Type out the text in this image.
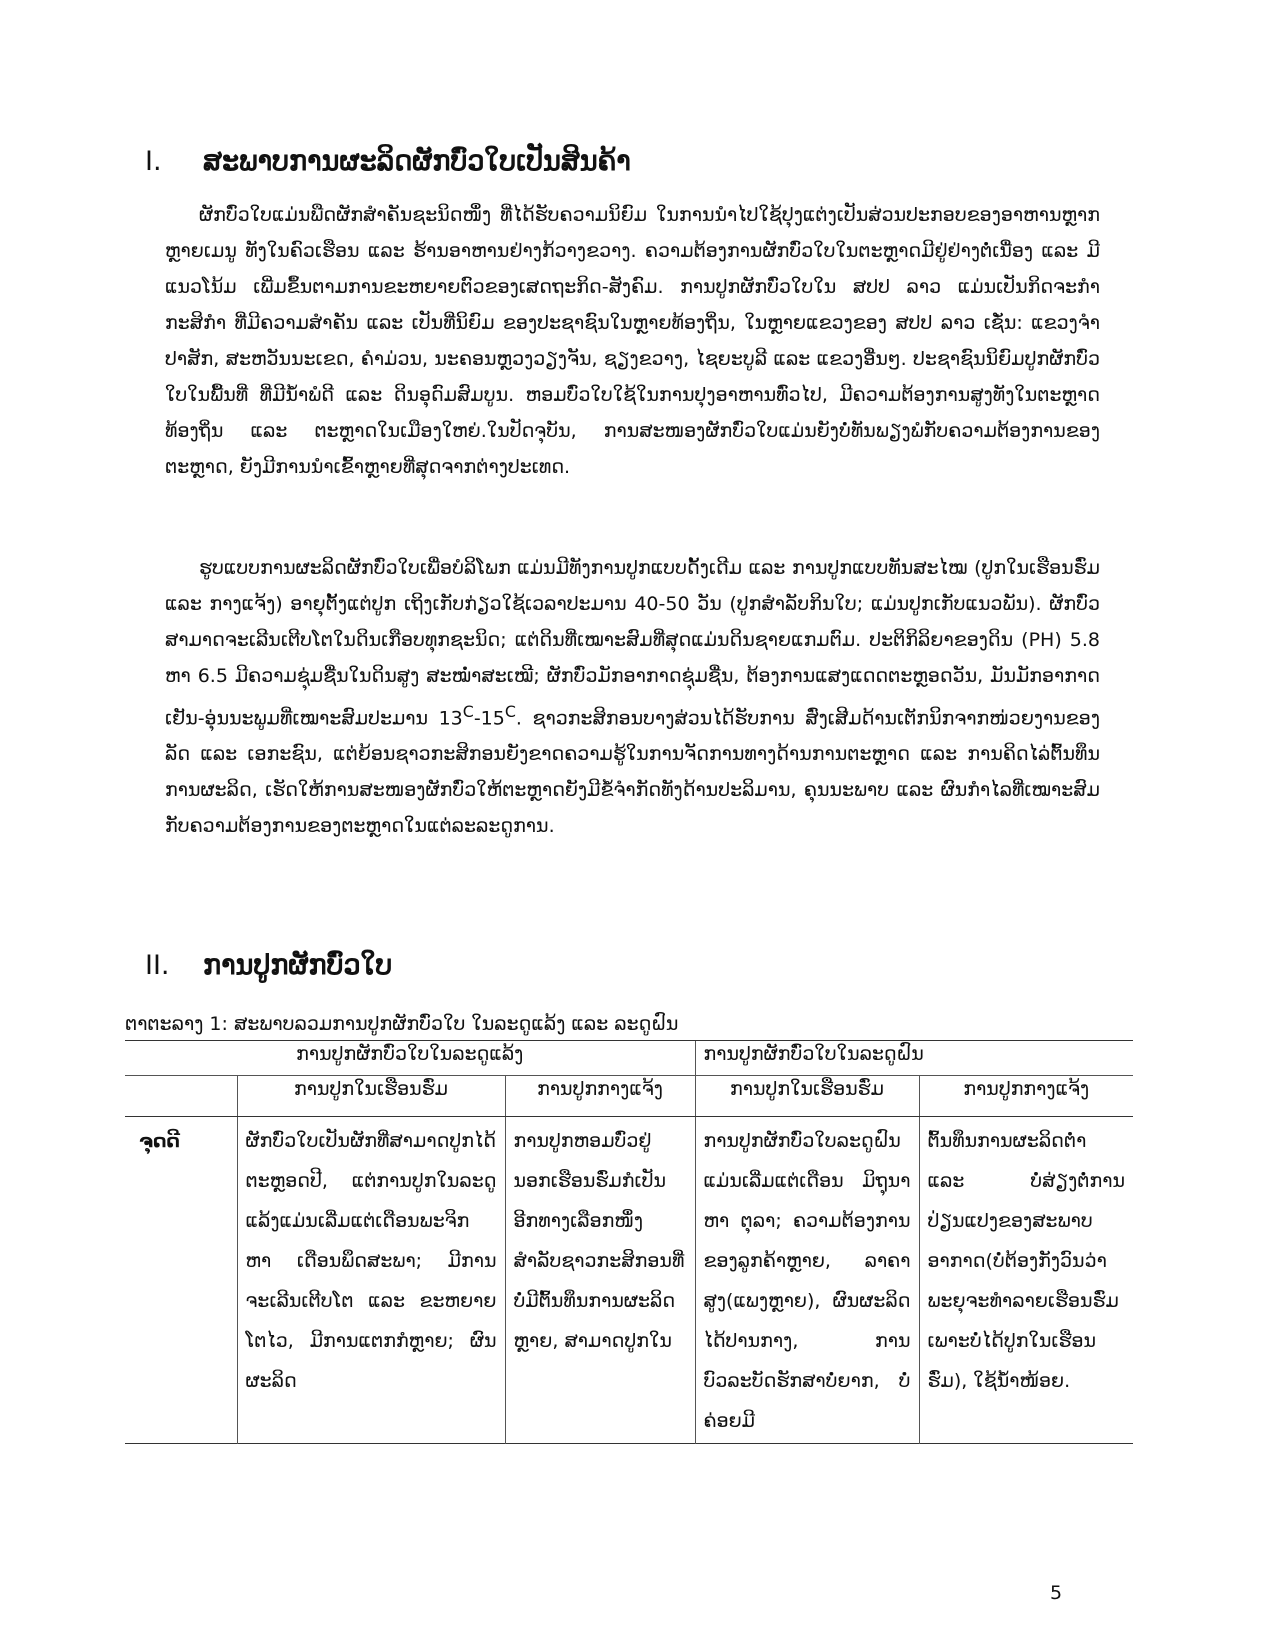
I. ສະພາບການຜະລິດຜັກບົ່ວໃບເປັນສິນຄ້າ

ຜັກບົ່ວໃບແມ່ນພືດຜັກສຳຄັນຊະນິດໜຶ່ງ ທີ່ໄດ້ຮັບຄວາມນິຍົມ ໃນການນຳໄປໃຊ້ປຸງແຕ່ງເປັນສ່ວນປະກອບຂອງອາຫານຫຼາກຫຼາຍເມນູ ທັງໃນຄົວເຮືອນ ແລະ ຮ້ານອາຫານຢ່າງກ້ວາງຂວາງ. ຄວາມຕ້ອງການຜັກບົ່ວໃບໃນຕະຫຼາດມີຢູ່ຢ່າງຕໍ່ເນື່ອງ ແລະ ມີແນວໂນ້ມ ເພີ່ມຂຶ້ນຕາມການຂະຫຍາຍຕົວຂອງເສດຖະກິດ-ສັງຄົມ. ການປູກຜັກບົ່ວໃບໃນ ສປປ ລາວ ແມ່ນເປັນກິດຈະກຳກະສິກຳ ທີ່ມີຄວາມສຳຄັນ ແລະ ເປັນທີ່ນິຍົມ ຂອງປະຊາຊົນໃນຫຼາຍທ້ອງຖິ່ນ, ໃນຫຼາຍແຂວງຂອງ ສປປ ລາວ ເຊັ່ນ: ແຂວງຈຳປາສັກ, ສະຫວັນນະເຂດ, ຄຳມ່ວນ, ນະຄອນຫຼວງວຽງຈັນ, ຊຽງຂວາງ, ໄຊຍະບູລີ ແລະ ແຂວງອື່ນໆ. ປະຊາຊົນນິຍົມປູກຜັກບົ່ວໃບໃນພື້ນທີ່ ທີ່ມີນ້ຳພໍດີ ແລະ ດິນອຸດົມສົມບູນ. ຫອມບົ່ວໃບໃຊ້ໃນການປຸງອາຫານທົ່ວໄປ, ມີຄວາມຕ້ອງການສູງທັງໃນຕະຫຼາດທ້ອງຖິ່ນ ແລະ ຕະຫຼາດໃນເມືອງໃຫຍ່.ໃນປັດຈຸບັນ, ການສະໜອງຜັກບົ່ວໃບແມ່ນຍັງບໍ່ທັນພຽງພໍກັບຄວາມຕ້ອງການຂອງຕະຫຼາດ, ຍັງມີການນຳເຂົ້າຫຼາຍທີ່ສຸດຈາກຕ່າງປະເທດ.

ຮູບແບບການຜະລິດຜັກບົ່ວໃບເພື່ອບໍລິໂພກ ແມ່ນມີທັງການປູກແບບດັ້ງເດີມ ແລະ ການປູກແບບທັນສະໄໝ (ປູກໃນເຮືອນຮົ່ມ ແລະ ກາງແຈ້ງ) ອາຍຸຕັ້ງແຕ່ປູກ ເຖິງເກັບກ່ຽວໃຊ້ເວລາປະມານ 40-50 ວັນ (ປູກສຳລັບກິນໃບ; ແມ່ນປູກເກັບແນວພັນ). ຜັກບົ່ວສາມາດຈະເລີນເຕີບໂຕໃນດິນເກືອບທຸກຊະນິດ; ແຕ່ດິນທີ່ເໝາະສົມທີ່ສຸດແມ່ນດິນຊາຍແກມຕົມ. ປະຕິກິລິຍາຂອງດິນ (PH) 5.8 ຫາ 6.5 ມີຄວາມຊຸ່ມຊື່ນໃນດິນສູງ ສະໝໍ່າສະເໝີ; ຜັກບົ່ວມັກອາກາດຊຸ່ມຊື່ນ, ຕ້ອງການແສງແດດຕະຫຼອດວັນ, ມັນມັກອາກາດເຢັນ-ອຸ່ນນະພູມທີ່ເໝາະສົມປະມານ $13^C-15^C$. ຊາວກະສິກອນບາງສ່ວນໄດ້ຮັບການ ສົ່ງເສີມດ້ານເຕັກນິກຈາກໜ່ວຍງານຂອງລັດ ແລະ ເອກະຊົນ, ແຕ່ຍ້ອນຊາວກະສິກອນຍັງຂາດຄວາມຮູ້ໃນການຈັດການທາງດ້ານການຕະຫຼາດ ແລະ ການຄິດໄລ່ຕົ້ນທຶນການຜະລິດ, ເຮັດໃຫ້ການສະໜອງຜັກບົ່ວໃຫ້ຕະຫຼາດຍັງມີຂໍ້ຈຳກັດທັງດ້ານປະລິມານ, ຄຸນນະພາບ ແລະ ຜົນກຳໄລທີ່ເໝາະສົມກັບຄວາມຕ້ອງການຂອງຕະຫຼາດໃນແຕ່ລະລະດູການ.

II. ການປູກຜັກບົ່ວໃບ
ຕາຕະລາງ 1: ສະພາບລວມການປູກຜັກບົ່ວໃບ ໃນລະດູແລ້ງ ແລະ ລະດູຝົນ
ການປູກຜັກບົ່ວໃບໃນລະດູແລ້ງ			ການປູກຜັກບົ່ວໃບໃນລະດູຝົນ	
	ການປູກໃນເຮືອນຮົ່ມ	ການປູກກາງແຈ້ງ	ການປູກໃນເຮືອນຮົ່ມ	ການປູກກາງແຈ້ງ
ຈຸດດີ	ຜັກບົ່ວໃບເປັນຜັກທີ່ສາມາດປູກໄດ້ຕະຫຼອດປີ, ແຕ່ການປູກໃນລະດູແລ້ງແມ່ນເລີ່ມແຕ່ເດືອນພະຈິກ ຫາ ເດືອນພຶດສະພາ; ມີການຈະເລີນເຕີບໂຕ ແລະ ຂະຫຍາຍໂຕໄວ, ມີການແຕກກໍຫຼາຍ; ຜົນຜະລິດ	ການປູກຫອມບົ່ວຢູ່ນອກເຮືອນຮົ່ມກໍເປັນອີກທາງເລືອກໜຶ່ງສຳລັບຊາວກະສິກອນທີ່ບໍ່ມີຕົ້ນທຶນການຜະລິດຫຼາຍ, ສາມາດປູກໃນ	ການປູກຜັກບົ່ວໃບລະດູຝົນແມ່ນເລີ່ມແຕ່ເດືອນ ມິຖຸນາ ຫາ ຕຸລາ; ຄວາມຕ້ອງການ ຂອງລູກຄ້າຫຼາຍ, ລາຄາສູງ(ແພງຫຼາຍ), ຜົນຜະລິດໄດ້ປານກາງ, ການບົວລະບັດຮັກສາບໍ່ຍາກ, ບໍ່ຄ່ອຍມີ	ຕົ້ນທຶນການຜະລິດຕ່ຳ ແລະ ບໍ່ສ່ຽງຕໍ່ການປ່ຽນແປງຂອງສະພາບອາກາດ(ບໍ່ຕ້ອງກັງວົນວ່າພະຍຸຈະທຳລາຍເຮືອນຮົ່ມເພາະບໍ່ໄດ້ປູກໃນເຮືອນຮົ່ມ), ໃຊ້ນ້ຳໜ້ອຍ.
5
